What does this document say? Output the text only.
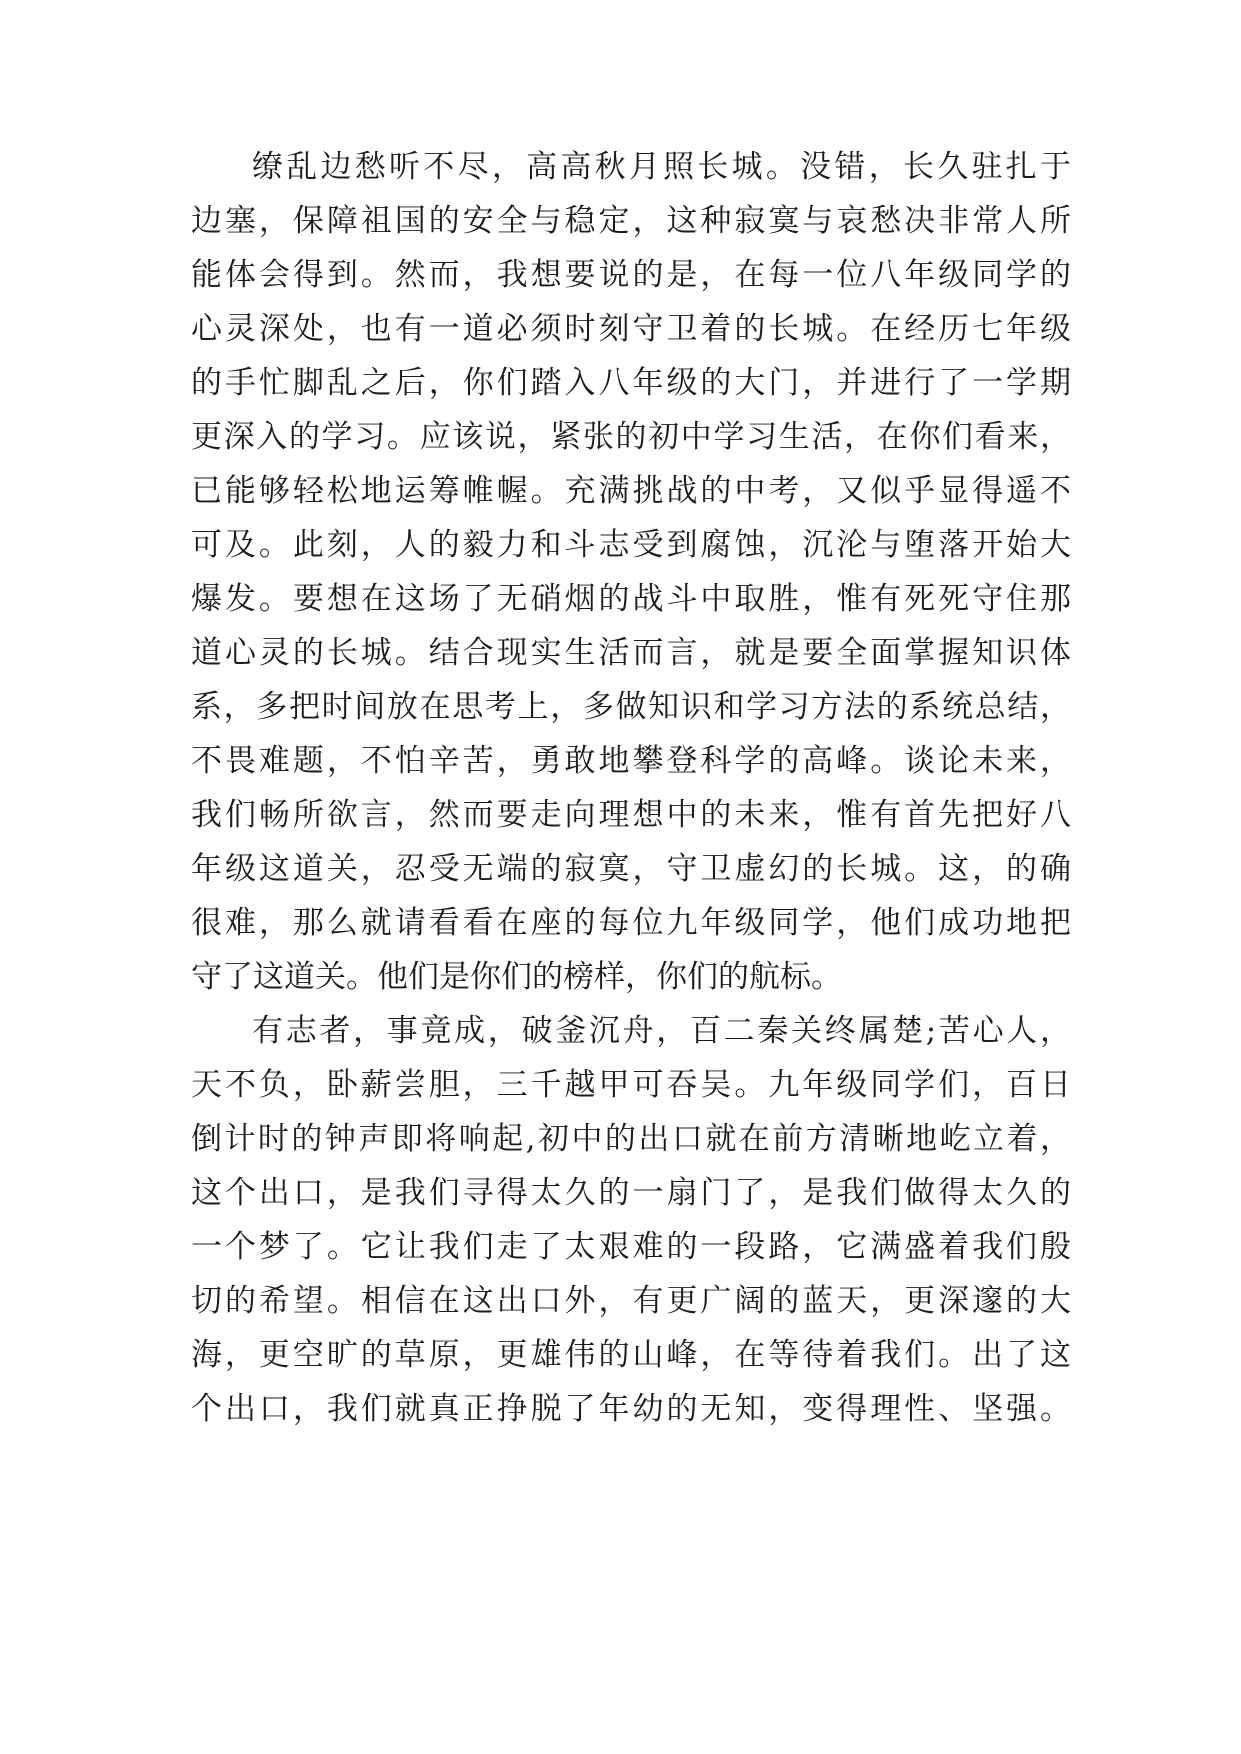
缭乱边愁听不尽，高高秋月照长城。没错，长久驻扎于
边塞，保障祖国的安全与稳定，这种寂寞与哀愁决非常人所
能体会得到。然而，我想要说的是，在每一位八年级同学的
心灵深处，也有一道必须时刻守卫着的长城。在经历七年级
的手忙脚乱之后，你们踏入八年级的大门，并进行了一学期
更深入的学习。应该说，紧张的初中学习生活，在你们看来，
已能够轻松地运筹帷幄。充满挑战的中考，又似乎显得遥不
可及。此刻，人的毅力和斗志受到腐蚀，沉沦与堕落开始大
爆发。要想在这场了无硝烟的战斗中取胜，惟有死死守住那
道心灵的长城。结合现实生活而言，就是要全面掌握知识体
系，多把时间放在思考上，多做知识和学习方法的系统总结，
不畏难题，不怕辛苦，勇敢地攀登科学的高峰。谈论未来，
我们畅所欲言，然而要走向理想中的未来，惟有首先把好八
年级这道关，忍受无端的寂寞，守卫虚幻的长城。这，的确
很难，那么就请看看在座的每位九年级同学，他们成功地把
守了这道关。他们是你们的榜样，你们的航标。
有志者，事竟成，破釜沉舟，百二秦关终属楚;苦心人，
天不负，卧薪尝胆，三千越甲可吞吴。九年级同学们，百日
倒计时的钟声即将响起,初中的出口就在前方清晰地屹立着，
这个出口，是我们寻得太久的一扇门了，是我们做得太久的
一个梦了。它让我们走了太艰难的一段路，它满盛着我们殷
切的希望。相信在这出口外，有更广阔的蓝天，更深邃的大
海，更空旷的草原，更雄伟的山峰，在等待着我们。出了这
个出口，我们就真正挣脱了年幼的无知，变得理性、坚强。
